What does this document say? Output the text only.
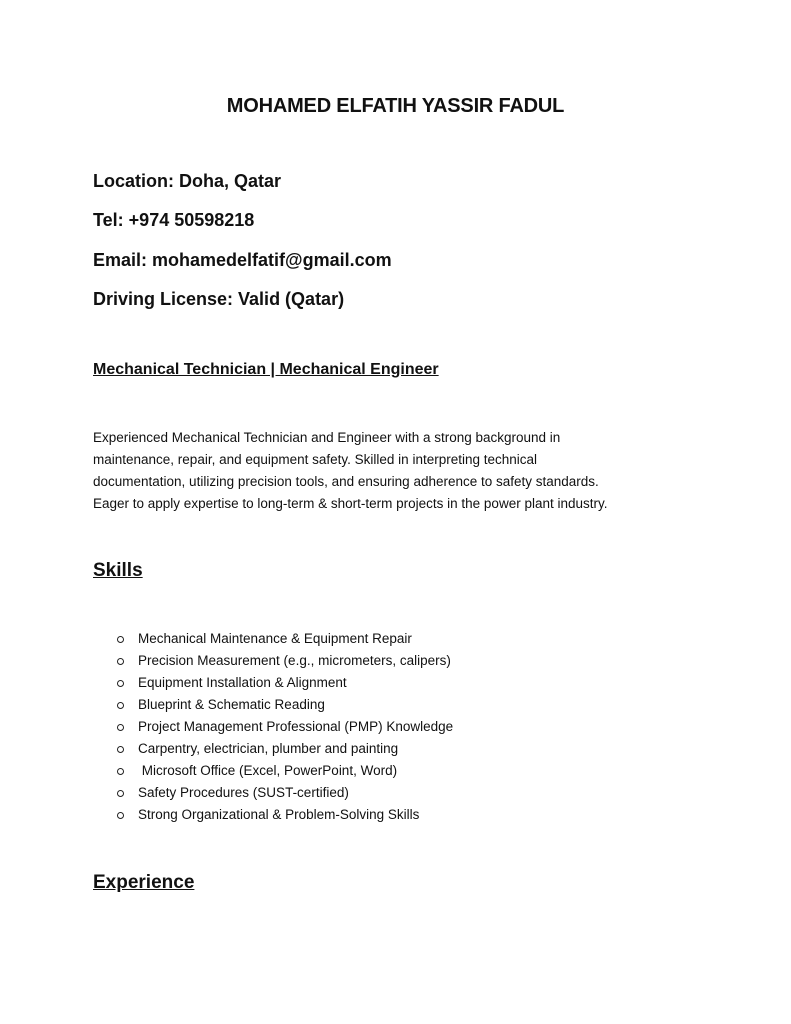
MOHAMED ELFATIH YASSIR FADUL

Location: Doha, Qatar

Tel: +974 50598218

Email: mohamedelfatif@gmail.com

Driving License: Valid (Qatar)

Mechanical Technician | Mechanical Engineer

Experienced Mechanical Technician and Engineer with a strong background in
maintenance, repair, and equipment safety. Skilled in interpreting technical
documentation, utilizing precision tools, and ensuring adherence to safety standards.
Eager to apply expertise to long-term & short-term projects in the power plant industry.

Skills
Mechanical Maintenance & Equipment Repair
Precision Measurement (e.g., micrometers, calipers)
Equipment Installation & Alignment
Blueprint & Schematic Reading
Project Management Professional (PMP) Knowledge
Carpentry, electrician, plumber and painting
Microsoft Office (Excel, PowerPoint, Word)
Safety Procedures (SUST-certified)
Strong Organizational & Problem-Solving Skills
Experience
